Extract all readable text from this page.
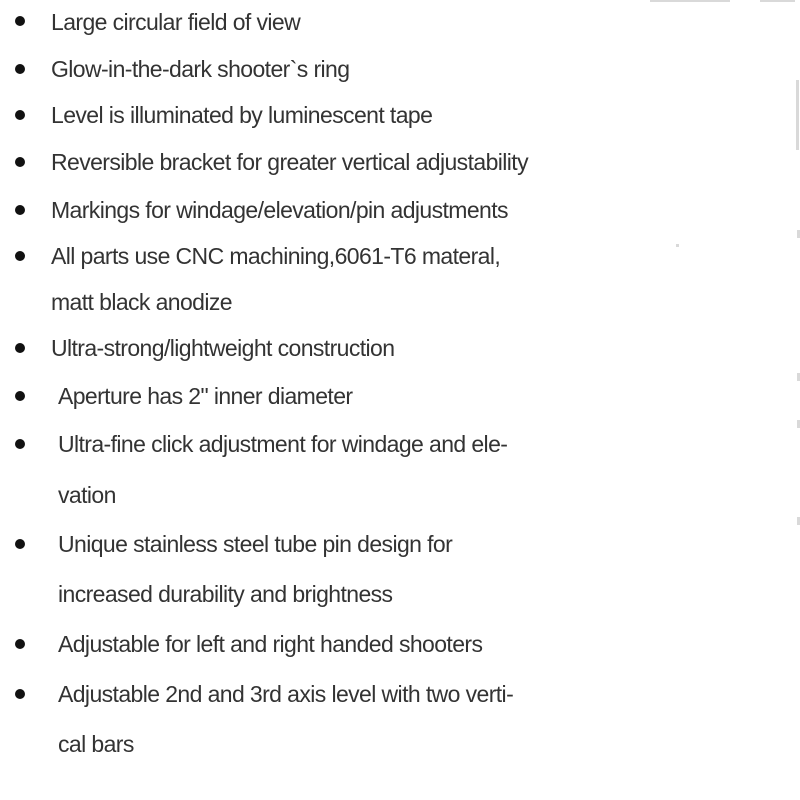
Large circular field of view
Glow-in-the-dark shooter`s ring
Level is illuminated by luminescent tape
Reversible bracket for greater vertical adjustability
Markings for windage/elevation/pin adjustments
All parts use CNC machining,6061-T6 materal,
matt black anodize
Ultra-strong/lightweight construction
Aperture has 2" inner diameter
Ultra-fine click adjustment for windage and ele-
vation
Unique stainless steel tube pin design for
increased durability and brightness
Adjustable for left and right handed shooters
Adjustable 2nd and 3rd axis level with two verti-
cal bars
